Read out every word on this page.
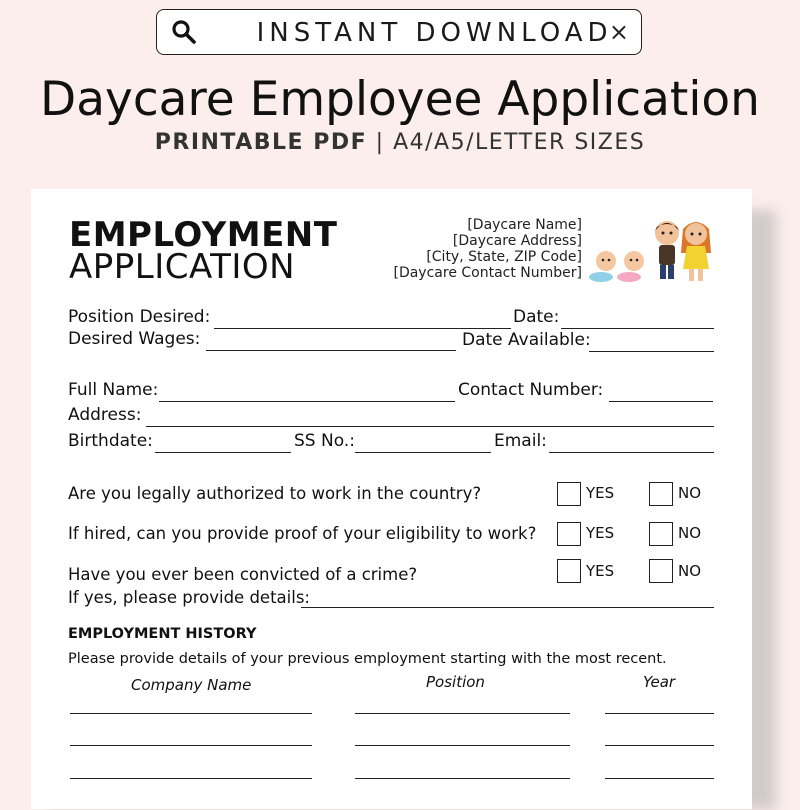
INSTANT DOWNLOAD
×
Daycare Employee Application
PRINTABLE PDF | A4/A5/LETTER SIZES
EMPLOYMENT
APPLICATION
[Daycare Name]
[Daycare Address]
[City, State, ZIP Code]
[Daycare Contact Number]
Position Desired:	Date:
Desired Wages:	Date Available:
Full Name:	Contact Number:
Address:
Birthdate:	SS No.:	Email:
Are you legally authorized to work in the country?	YES	NO
If hired, can you provide proof of your eligibility to work?	YES	NO
Have you ever been convicted of a crime?	YES	NO
If yes, please provide details:
EMPLOYMENT HISTORY
Please provide details of your previous employment starting with the most recent.
Company Name	Position	Year
